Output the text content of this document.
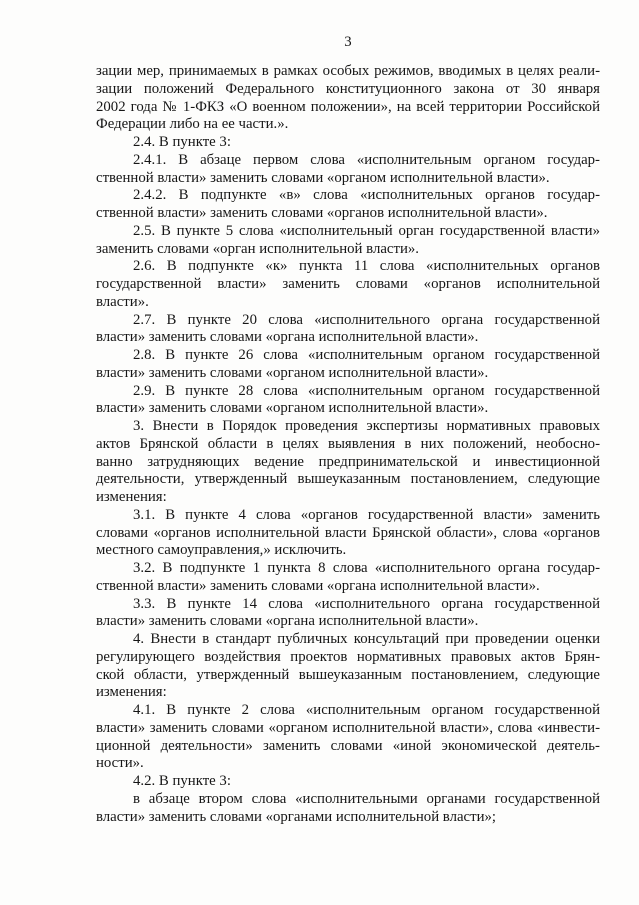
3
зации мер, принимаемых в рамках особых режимов, вводимых в целях реали-
зации положений Федерального конституционного закона от 30 января
2002 года № 1-ФКЗ «О военном положении», на всей территории Российской
Федерации либо на ее части.».
2.4. В пункте 3:
2.4.1. В абзаце первом слова «исполнительным органом государ-
ственной власти» заменить словами «органом исполнительной власти».
2.4.2. В подпункте «в» слова «исполнительных органов государ-
ственной власти» заменить словами «органов исполнительной власти».
2.5. В пункте 5 слова «исполнительный орган государственной власти»
заменить словами «орган исполнительной власти».
2.6. В подпункте «к» пункта 11 слова «исполнительных органов
государственной власти» заменить словами «органов исполнительной
власти».
2.7. В пункте 20 слова «исполнительного органа государственной
власти» заменить словами «органа исполнительной власти».
2.8. В пункте 26 слова «исполнительным органом государственной
власти» заменить словами «органом исполнительной власти».
2.9. В пункте 28 слова «исполнительным органом государственной
власти» заменить словами «органом исполнительной власти».
3. Внести в Порядок проведения экспертизы нормативных правовых
актов Брянской области в целях выявления в них положений, необосно-
ванно затрудняющих ведение предпринимательской и инвестиционной
деятельности, утвержденный вышеуказанным постановлением, следующие
изменения:
3.1. В пункте 4 слова «органов государственной власти» заменить
словами «органов исполнительной власти Брянской области», слова «органов
местного самоуправления,» исключить.
3.2. В подпункте 1 пункта 8 слова «исполнительного органа государ-
ственной власти» заменить словами «органа исполнительной власти».
3.3. В пункте 14 слова «исполнительного органа государственной
власти» заменить словами «органа исполнительной власти».
4. Внести в стандарт публичных консультаций при проведении оценки
регулирующего воздействия проектов нормативных правовых актов Брян-
ской области, утвержденный вышеуказанным постановлением, следующие
изменения:
4.1. В пункте 2 слова «исполнительным органом государственной
власти» заменить словами «органом исполнительной власти», слова «инвести-
ционной деятельности» заменить словами «иной экономической деятель-
ности».
4.2. В пункте 3:
в абзаце втором слова «исполнительными органами государственной
власти» заменить словами «органами исполнительной власти»;
